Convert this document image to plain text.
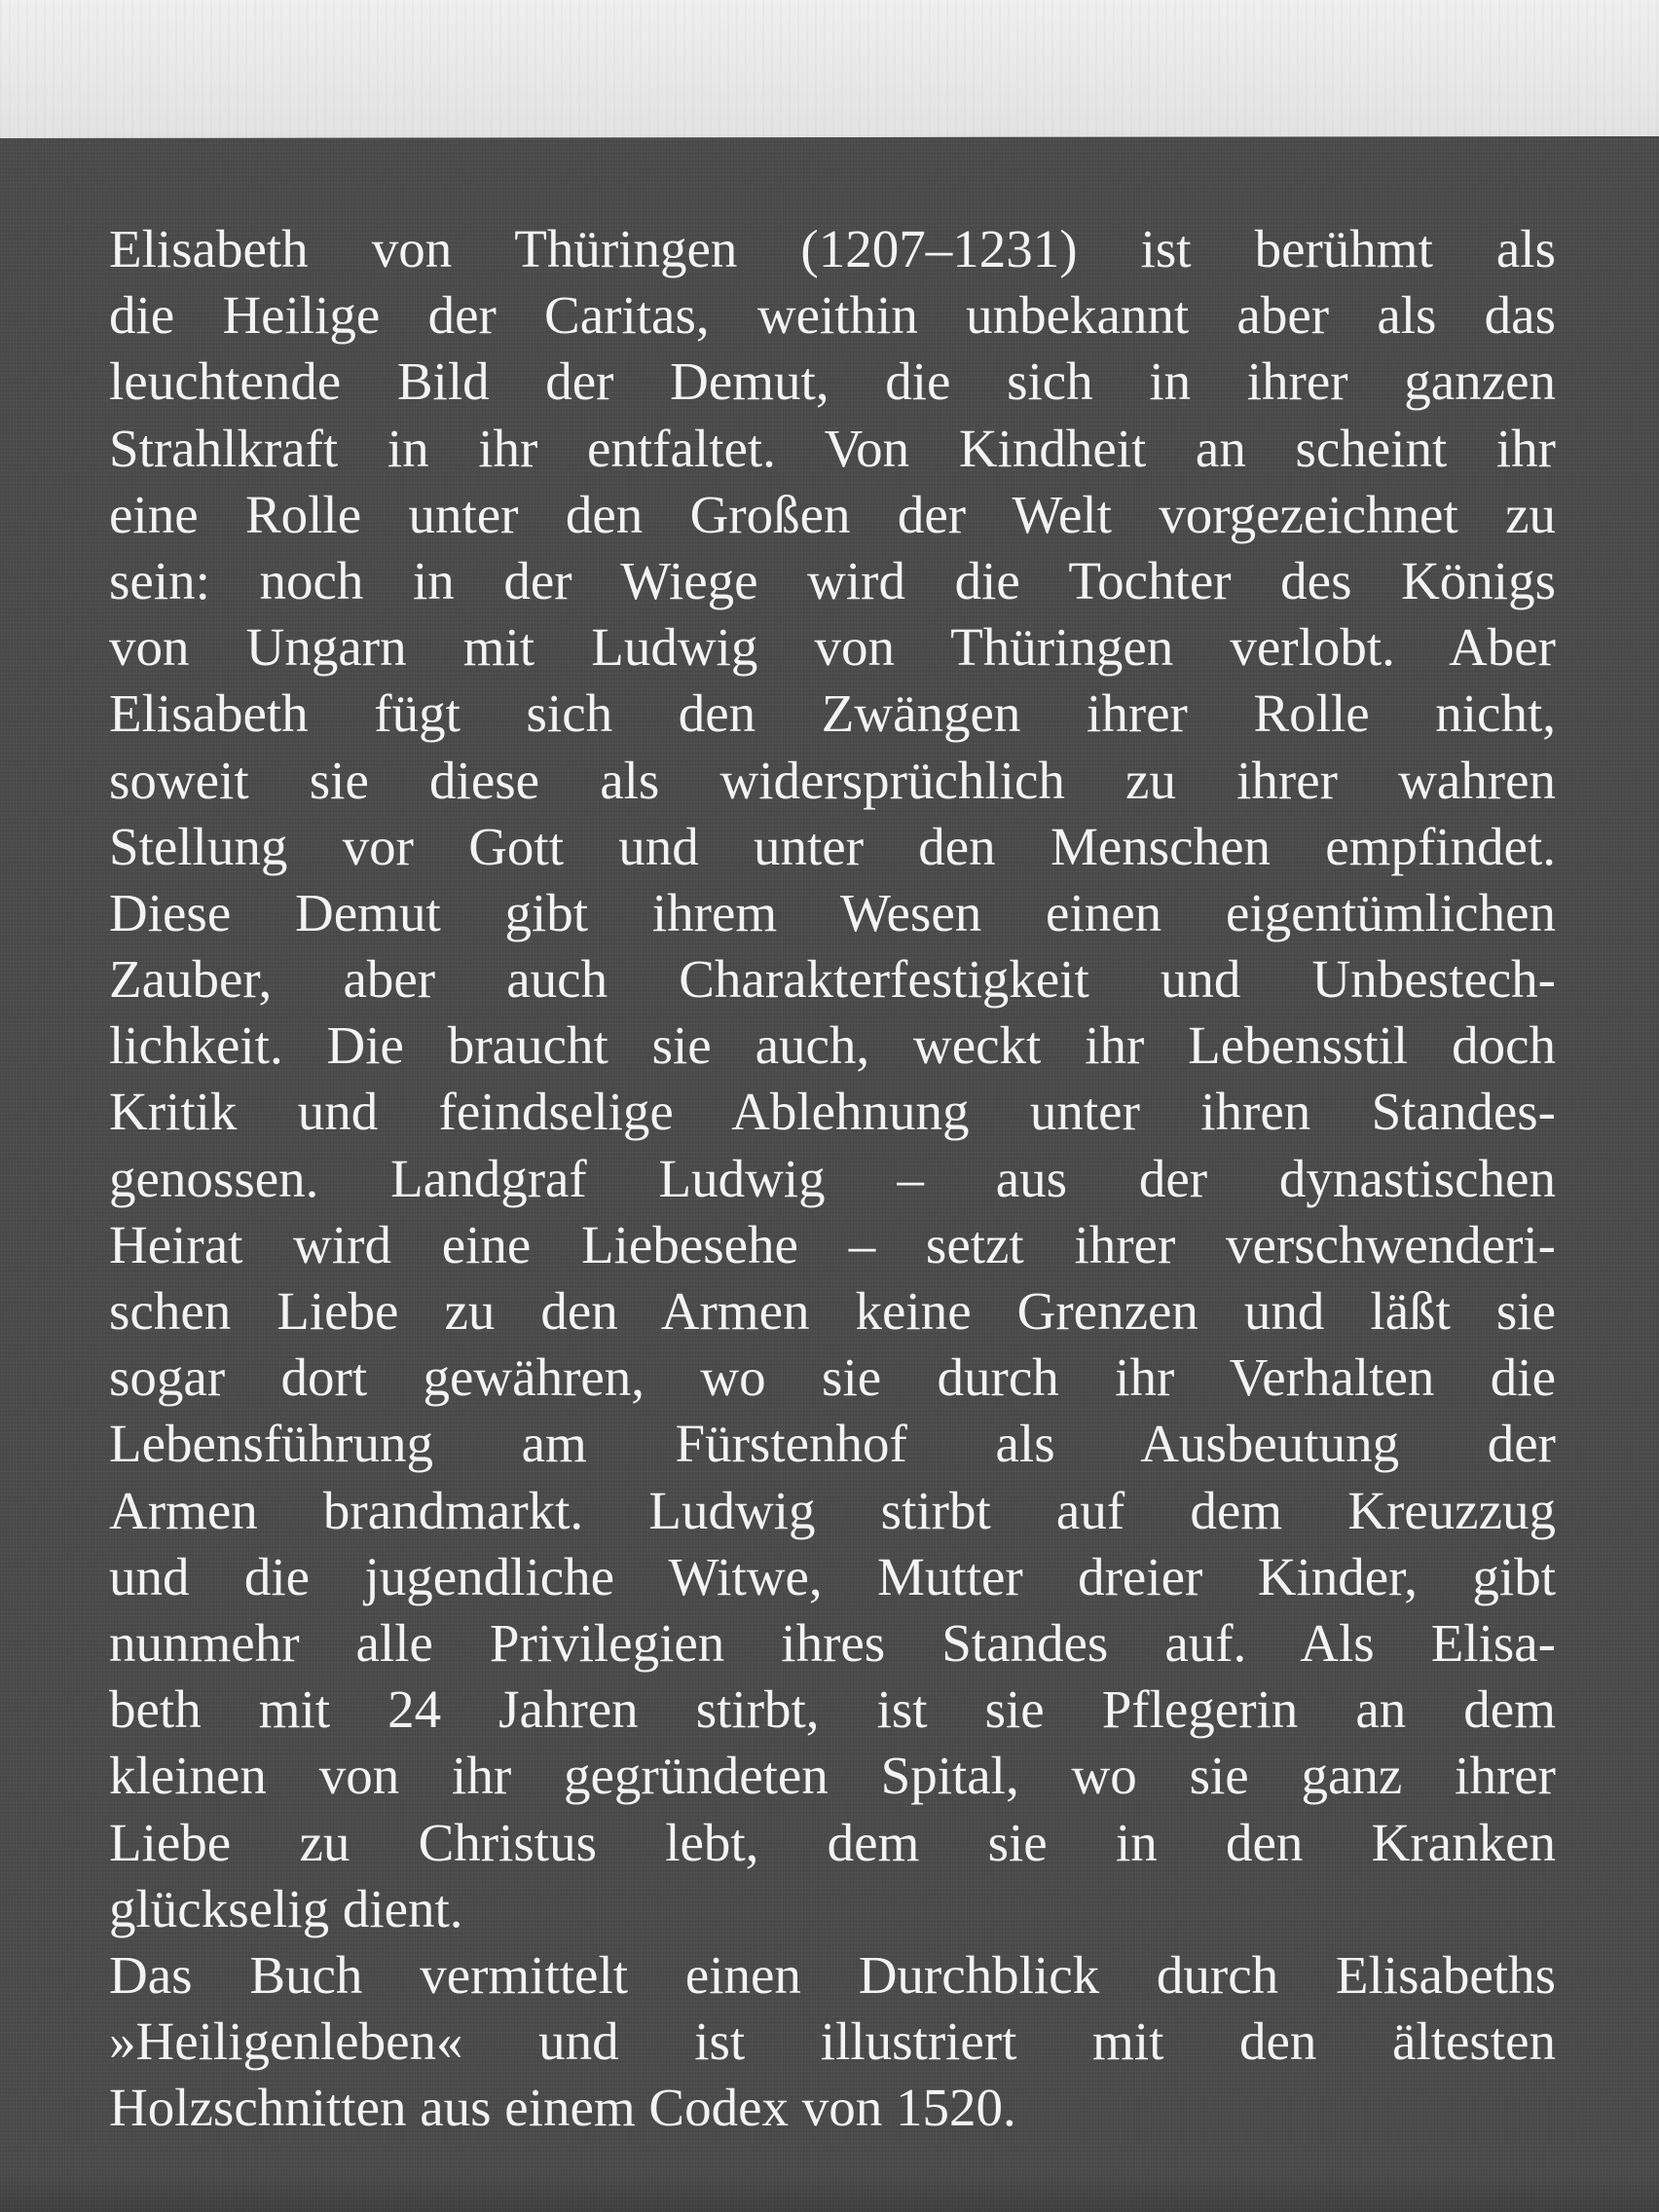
Elisabeth von Thüringen (1207–1231) ist berühmt als
die Heilige der Caritas, weithin unbekannt aber als das
leuchtende Bild der Demut, die sich in ihrer ganzen
Strahlkraft in ihr entfaltet. Von Kindheit an scheint ihr
eine Rolle unter den Großen der Welt vorgezeichnet zu
sein: noch in der Wiege wird die Tochter des Königs
von Ungarn mit Ludwig von Thüringen verlobt. Aber
Elisabeth fügt sich den Zwängen ihrer Rolle nicht,
soweit sie diese als widersprüchlich zu ihrer wahren
Stellung vor Gott und unter den Menschen empfindet.
Diese Demut gibt ihrem Wesen einen eigentümlichen
Zauber, aber auch Charakterfestigkeit und Unbestech-
lichkeit. Die braucht sie auch, weckt ihr Lebensstil doch
Kritik und feindselige Ablehnung unter ihren Standes-
genossen. Landgraf Ludwig – aus der dynastischen
Heirat wird eine Liebesehe – setzt ihrer verschwenderi-
schen Liebe zu den Armen keine Grenzen und läßt sie
sogar dort gewähren, wo sie durch ihr Verhalten die
Lebensführung am Fürstenhof als Ausbeutung der
Armen brandmarkt. Ludwig stirbt auf dem Kreuzzug
und die jugendliche Witwe, Mutter dreier Kinder, gibt
nunmehr alle Privilegien ihres Standes auf. Als Elisa-
beth mit 24 Jahren stirbt, ist sie Pflegerin an dem
kleinen von ihr gegründeten Spital, wo sie ganz ihrer
Liebe zu Christus lebt, dem sie in den Kranken
glückselig dient.
Das Buch vermittelt einen Durchblick durch Elisabeths
»Heiligenleben« und ist illustriert mit den ältesten
Holzschnitten aus einem Codex von 1520.
